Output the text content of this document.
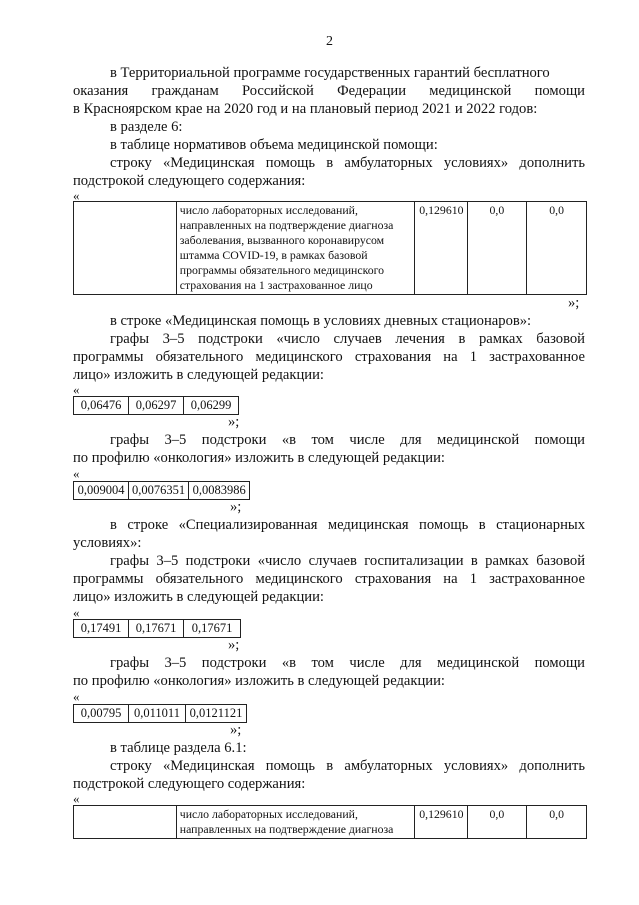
2
в Территориальной программе государственных гарантий бесплатного
оказания гражданам Российской Федерации медицинской помощи
в Красноярском крае на 2020 год и на плановый период 2021 и 2022 годов:
в разделе 6:
в таблице нормативов объема медицинской помощи:
строку «Медицинская помощь в амбулаторных условиях» дополнить
подстрокой следующего содержания:
«

число лабораторных исследований,
направленных на подтверждение диагноза
заболевания, вызванного коронавирусом
штамма COVID-19, в рамках базовой
программы обязательного медицинского
страхования на 1 застрахованное лицо
	0,129610	0,0	0,0
»;
в строке «Медицинская помощь в условиях дневных стационаров»:
графы 3–5 подстроки «число случаев лечения в рамках базовой
программы обязательного медицинского страхования на 1 застрахованное
лицо» изложить в следующей редакции:
«
0,06476	0,06297	0,06299
»;
графы 3–5 подстроки «в том числе для медицинской помощи
по профилю «онкология» изложить в следующей редакции:
«
0,009004	0,0076351	0,0083986
»;
в строке «Специализированная медицинская помощь в стационарных
условиях»:
графы 3–5 подстроки «число случаев госпитализации в рамках базовой
программы обязательного медицинского страхования на 1 застрахованное
лицо» изложить в следующей редакции:
«
0,17491	0,17671	0,17671
»;
графы 3–5 подстроки «в том числе для медицинской помощи
по профилю «онкология» изложить в следующей редакции:
«
0,00795	0,011011	0,0121121
»;
в таблице раздела 6.1:
строку «Медицинская помощь в амбулаторных условиях» дополнить
подстрокой следующего содержания:
«

число лабораторных исследований,
направленных на подтверждение диагноза
	0,129610	0,0	0,0
